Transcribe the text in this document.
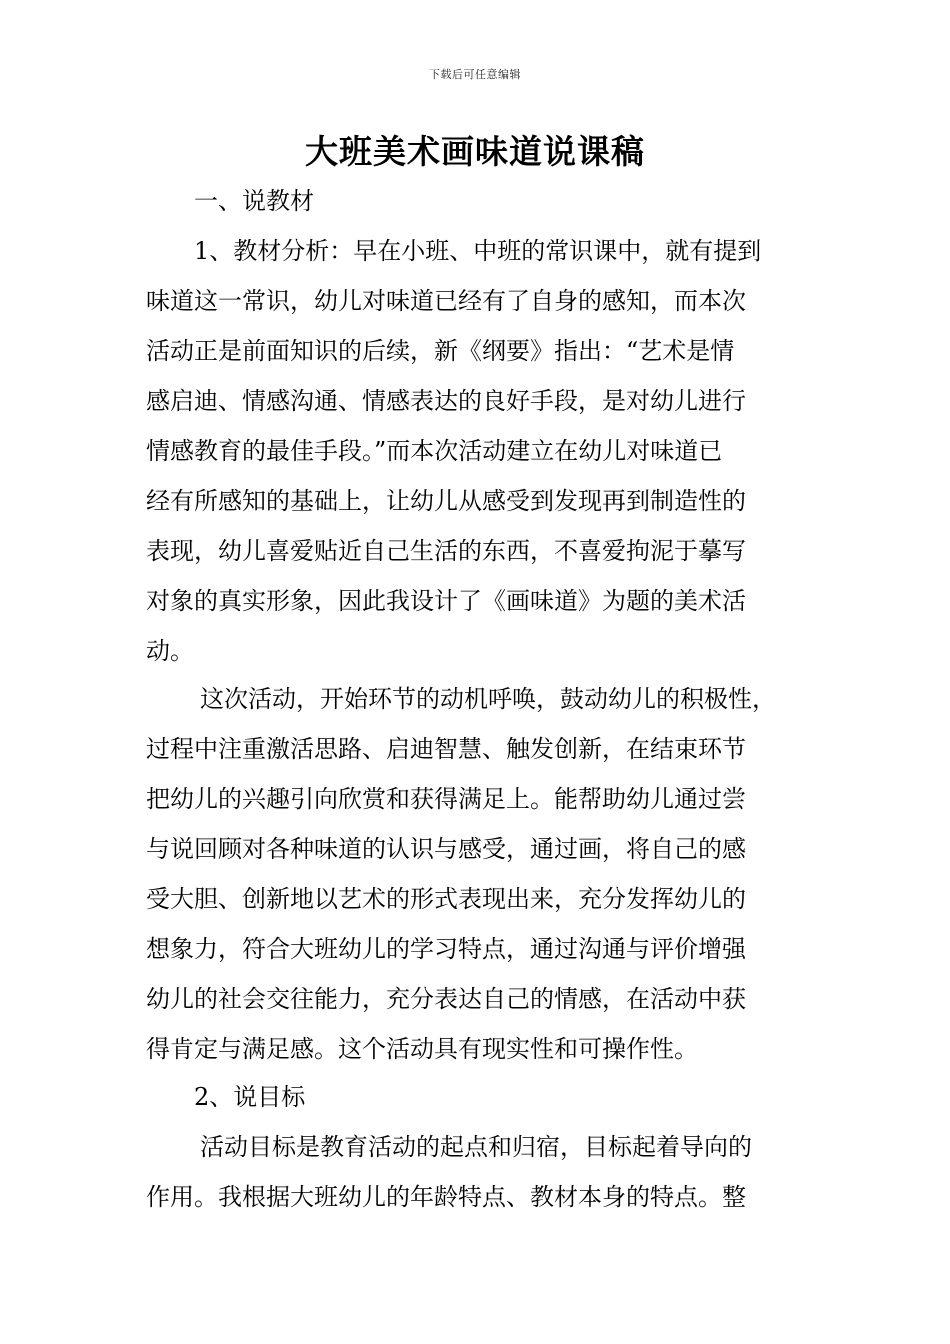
下载后可任意编辑
大班美术画味道说课稿
一、说教材
1、教材分析：早在小班、中班的常识课中，就有提到
味道这一常识，幼儿对味道已经有了自身的感知，而本次
活动正是前面知识的后续，新《纲要》指出：“艺术是情
感启迪、情感沟通、情感表达的良好手段，是对幼儿进行
情感教育的最佳手段。”而本次活动建立在幼儿对味道已
经有所感知的基础上，让幼儿从感受到发现再到制造性的
表现，幼儿喜爱贴近自己生活的东西，不喜爱拘泥于摹写
对象的真实形象，因此我设计了《画味道》为题的美术活
动。
这次活动，开始环节的动机呼唤，鼓动幼儿的积极性，
过程中注重激活思路、启迪智慧、触发创新，在结束环节
把幼儿的兴趣引向欣赏和获得满足上。能帮助幼儿通过尝
与说回顾对各种味道的认识与感受，通过画，将自己的感
受大胆、创新地以艺术的形式表现出来，充分发挥幼儿的
想象力，符合大班幼儿的学习特点，通过沟通与评价增强
幼儿的社会交往能力，充分表达自己的情感，在活动中获
得肯定与满足感。这个活动具有现实性和可操作性。
2、说目标
活动目标是教育活动的起点和归宿，目标起着导向的
作用。我根据大班幼儿的年龄特点、教材本身的特点。整
